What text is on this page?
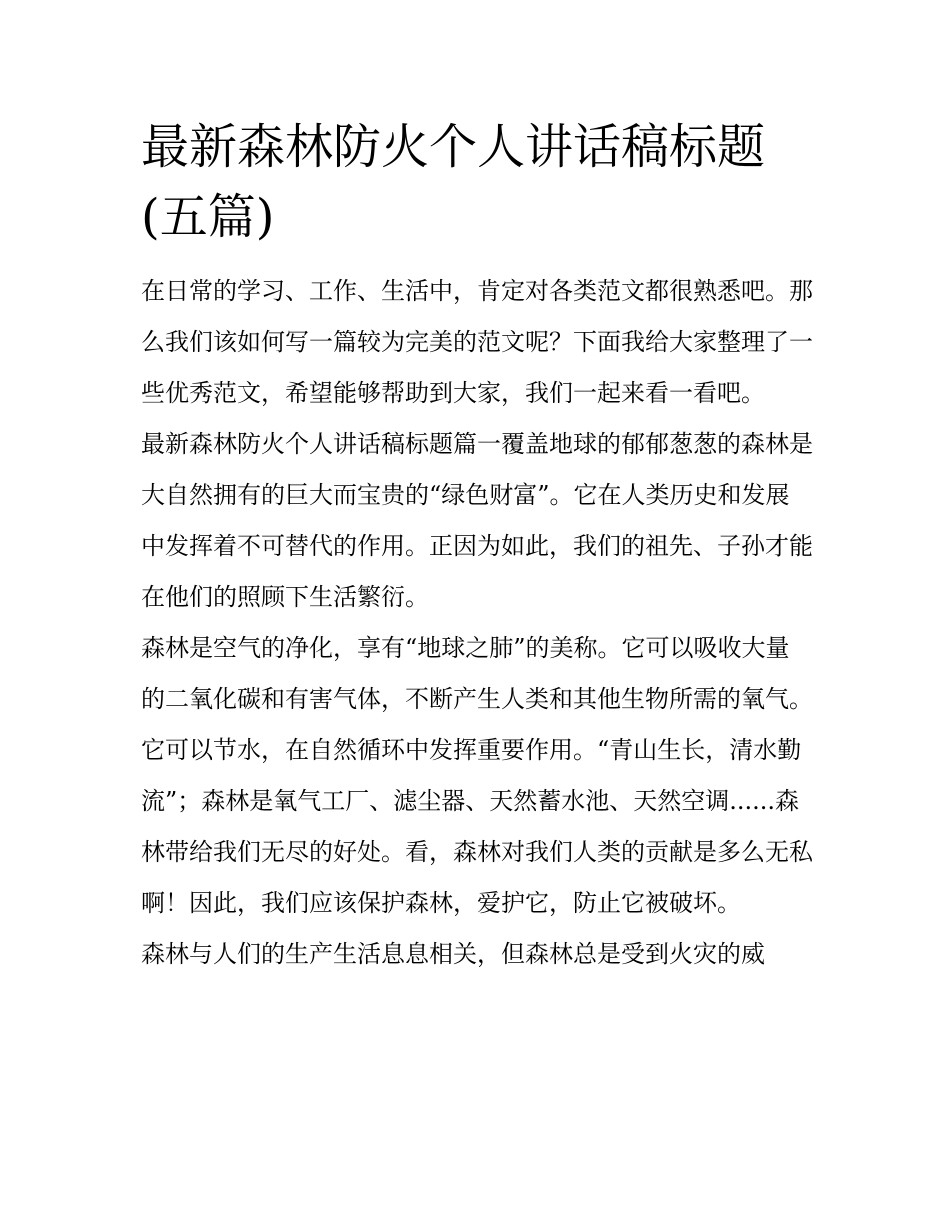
最新森林防火个人讲话稿标题(五篇)

在日常的学习、工作、生活中，肯定对各类范文都很熟悉吧。那么我们该如何写一篇较为完美的范文呢？下面我给大家整理了一些优秀范文，希望能够帮助到大家，我们一起来看一看吧。

最新森林防火个人讲话稿标题篇一覆盖地球的郁郁葱葱的森林是大自然拥有的巨大而宝贵的“绿色财富”。它在人类历史和发展中发挥着不可替代的作用。正因为如此，我们的祖先、子孙才能在他们的照顾下生活繁衍。

森林是空气的净化，享有“地球之肺”的美称。它可以吸收大量的二氧化碳和有害气体，不断产生人类和其他生物所需的氧气。它可以节水，在自然循环中发挥重要作用。“青山生长，清水勤流”；森林是氧气工厂、滤尘器、天然蓄水池、天然空调......森林带给我们无尽的好处。看，森林对我们人类的贡献是多么无私啊！因此，我们应该保护森林，爱护它，防止它被破坏。

森林与人们的生产生活息息相关，但森林总是受到火灾的威
